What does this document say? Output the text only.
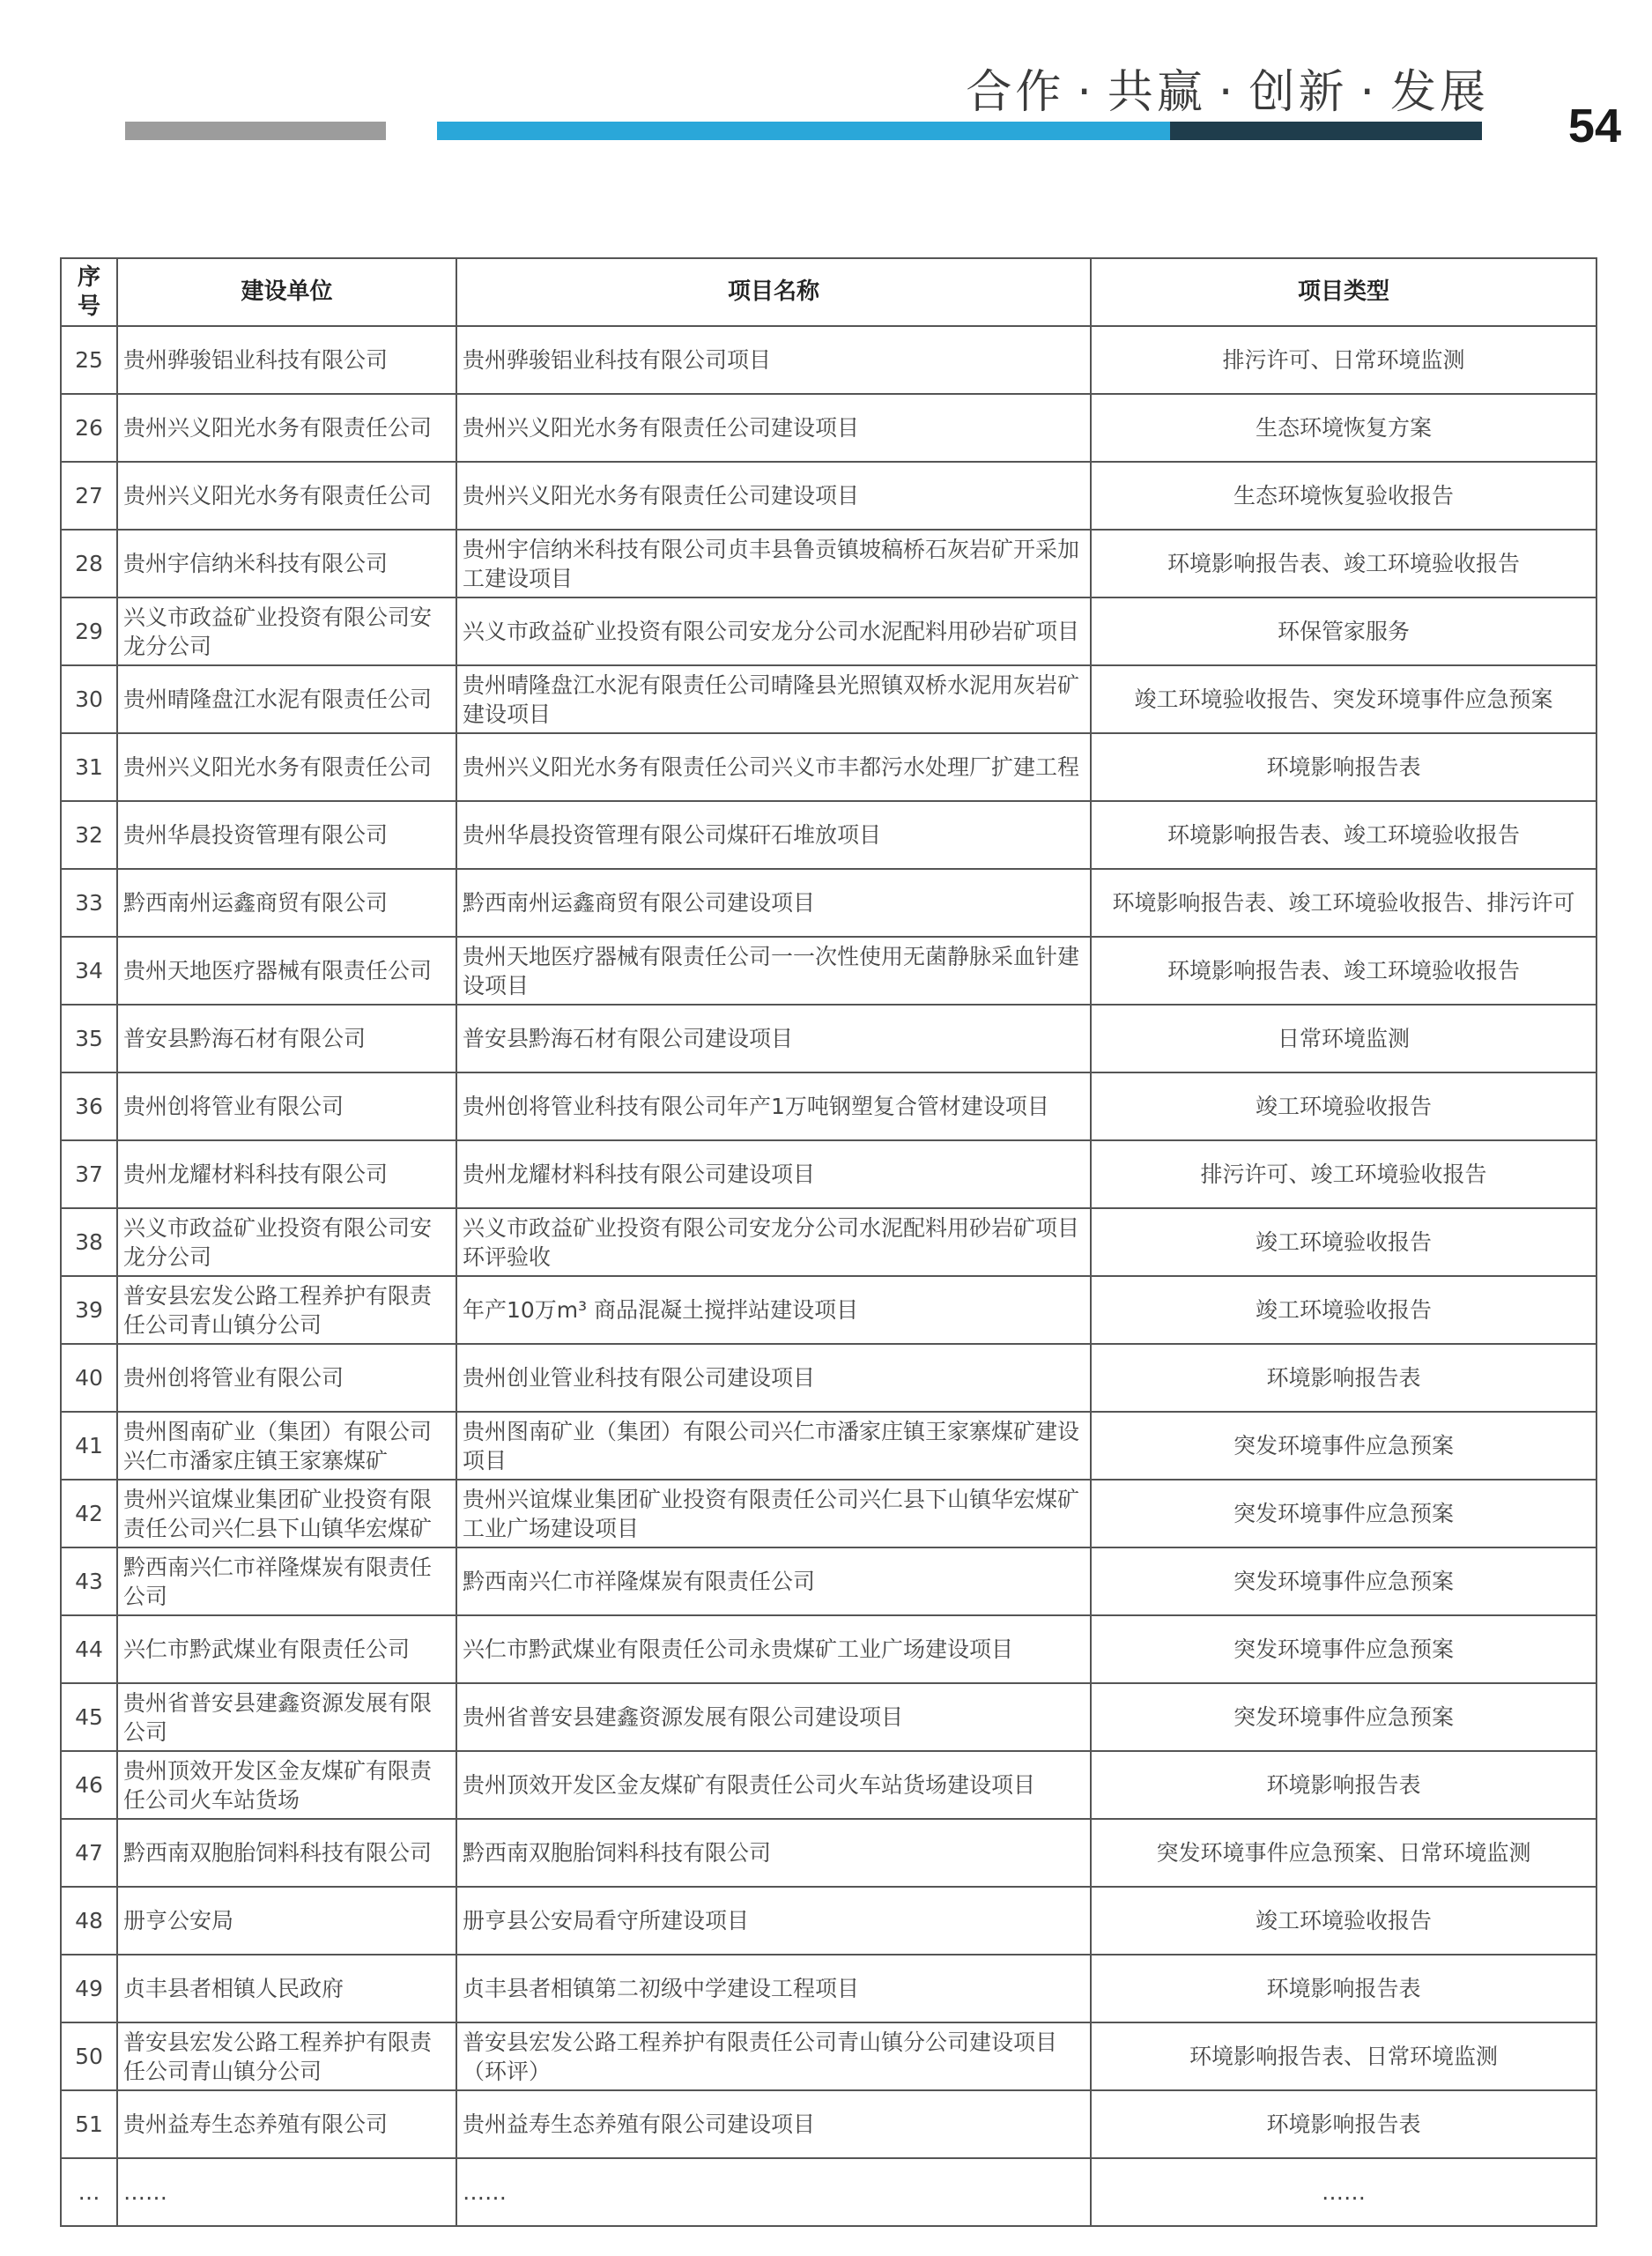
合作 · 共赢 · 创新 · 发展
54
序号	建设单位	项目名称	项目类型
25	贵州骅骏铝业科技有限公司	贵州骅骏铝业科技有限公司项目	排污许可、日常环境监测
26	贵州兴义阳光水务有限责任公司	贵州兴义阳光水务有限责任公司建设项目	生态环境恢复方案
27	贵州兴义阳光水务有限责任公司	贵州兴义阳光水务有限责任公司建设项目	生态环境恢复验收报告
28	贵州宇信纳米科技有限公司	贵州宇信纳米科技有限公司贞丰县鲁贡镇坡稿桥石灰岩矿开采加工建设项目	环境影响报告表、竣工环境验收报告
29	兴义市政益矿业投资有限公司安龙分公司	兴义市政益矿业投资有限公司安龙分公司水泥配料用砂岩矿项目	环保管家服务
30	贵州晴隆盘江水泥有限责任公司	贵州晴隆盘江水泥有限责任公司晴隆县光照镇双桥水泥用灰岩矿建设项目	竣工环境验收报告、突发环境事件应急预案
31	贵州兴义阳光水务有限责任公司	贵州兴义阳光水务有限责任公司兴义市丰都污水处理厂扩建工程	环境影响报告表
32	贵州华晨投资管理有限公司	贵州华晨投资管理有限公司煤矸石堆放项目	环境影响报告表、竣工环境验收报告
33	黔西南州运鑫商贸有限公司	黔西南州运鑫商贸有限公司建设项目	环境影响报告表、竣工环境验收报告、排污许可
34	贵州天地医疗器械有限责任公司	贵州天地医疗器械有限责任公司一一次性使用无菌静脉采血针建设项目	环境影响报告表、竣工环境验收报告
35	普安县黔海石材有限公司	普安县黔海石材有限公司建设项目	日常环境监测
36	贵州创将管业有限公司	贵州创将管业科技有限公司年产1万吨钢塑复合管材建设项目	竣工环境验收报告
37	贵州龙耀材料科技有限公司	贵州龙耀材料科技有限公司建设项目	排污许可、竣工环境验收报告
38	兴义市政益矿业投资有限公司安龙分公司	兴义市政益矿业投资有限公司安龙分公司水泥配料用砂岩矿项目环评验收	竣工环境验收报告
39	普安县宏发公路工程养护有限责任公司青山镇分公司	年产10万m³ 商品混凝土搅拌站建设项目	竣工环境验收报告
40	贵州创将管业有限公司	贵州创业管业科技有限公司建设项目	环境影响报告表
41	贵州图南矿业（集团）有限公司兴仁市潘家庄镇王家寨煤矿	贵州图南矿业（集团）有限公司兴仁市潘家庄镇王家寨煤矿建设项目	突发环境事件应急预案
42	贵州兴谊煤业集团矿业投资有限责任公司兴仁县下山镇华宏煤矿	贵州兴谊煤业集团矿业投资有限责任公司兴仁县下山镇华宏煤矿工业广场建设项目	突发环境事件应急预案
43	黔西南兴仁市祥隆煤炭有限责任公司	黔西南兴仁市祥隆煤炭有限责任公司	突发环境事件应急预案
44	兴仁市黔武煤业有限责任公司	兴仁市黔武煤业有限责任公司永贵煤矿工业广场建设项目	突发环境事件应急预案
45	贵州省普安县建鑫资源发展有限公司	贵州省普安县建鑫资源发展有限公司建设项目	突发环境事件应急预案
46	贵州顶效开发区金友煤矿有限责任公司火车站货场	贵州顶效开发区金友煤矿有限责任公司火车站货场建设项目	环境影响报告表
47	黔西南双胞胎饲料科技有限公司	黔西南双胞胎饲料科技有限公司	突发环境事件应急预案、日常环境监测
48	册亨公安局	册亨县公安局看守所建设项目	竣工环境验收报告
49	贞丰县者相镇人民政府	贞丰县者相镇第二初级中学建设工程项目	环境影响报告表
50	普安县宏发公路工程养护有限责任公司青山镇分公司	普安县宏发公路工程养护有限责任公司青山镇分公司建设项目（环评）	环境影响报告表、日常环境监测
51	贵州益寿生态养殖有限公司	贵州益寿生态养殖有限公司建设项目	环境影响报告表
…	……	……	……
